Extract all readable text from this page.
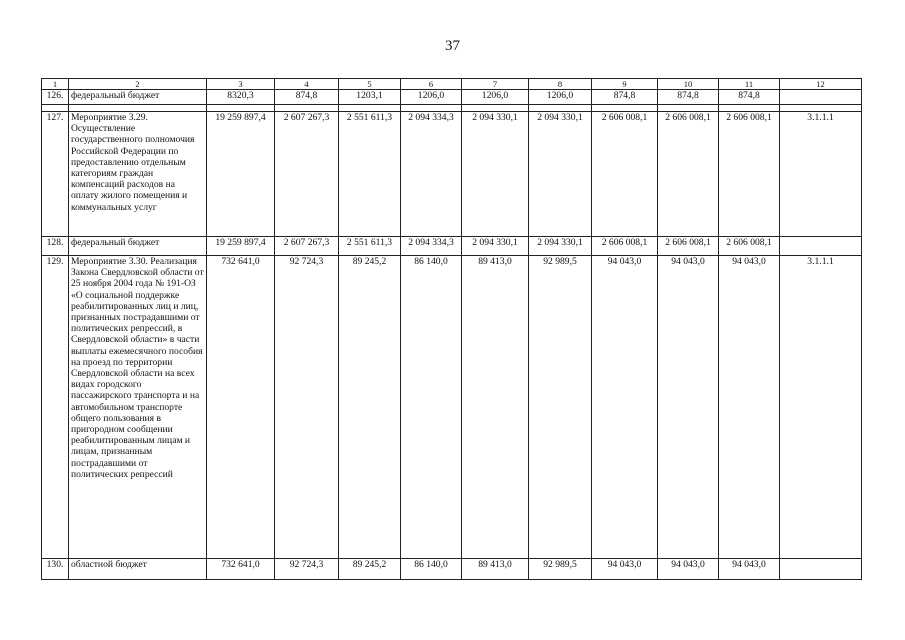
37
1	2	3	4	5	6	7	8	9	10	11	12
126.	федеральный бюджет	8320,3	874,8	1203,1	1206,0	1206,0	1206,0	874,8	874,8	874,8	

127.	Мероприятие 3.29. Осуществление государственного полномочия Российской Федерации по предоставлению отдельным категориям граждан компенсаций расходов на оплату жилого помещения и коммунальных услуг	19 259 897,4	2 607 267,3	2 551 611,3	2 094 334,3	2 094 330,1	2 094 330,1	2 606 008,1	2 606 008,1	2 606 008,1	3.1.1.1
128.	федеральный бюджет	19 259 897,4	2 607 267,3	2 551 611,3	2 094 334,3	2 094 330,1	2 094 330,1	2 606 008,1	2 606 008,1	2 606 008,1	
129.	Мероприятие 3.30. Реализация Закона Свердловской области от 25 ноября 2004 года № 191-ОЗ «О социальной поддержке реабилитированных лиц и лиц, признанных пострадавшими от политических репрессий, в Свердловской области» в части выплаты ежемесячного пособия на проезд по территории Свердловской области на всех видах городского пассажирского транспорта и на автомобильном транспорте общего пользования в пригородном сообщении реабилитированным лицам и лицам, признанным пострадавшими от политических репрессий	732 641,0	92 724,3	89 245,2	86 140,0	89 413,0	92 989,5	94 043,0	94 043,0	94 043,0	3.1.1.1
130.	областной бюджет	732 641,0	92 724,3	89 245,2	86 140,0	89 413,0	92 989,5	94 043,0	94 043,0	94 043,0	
